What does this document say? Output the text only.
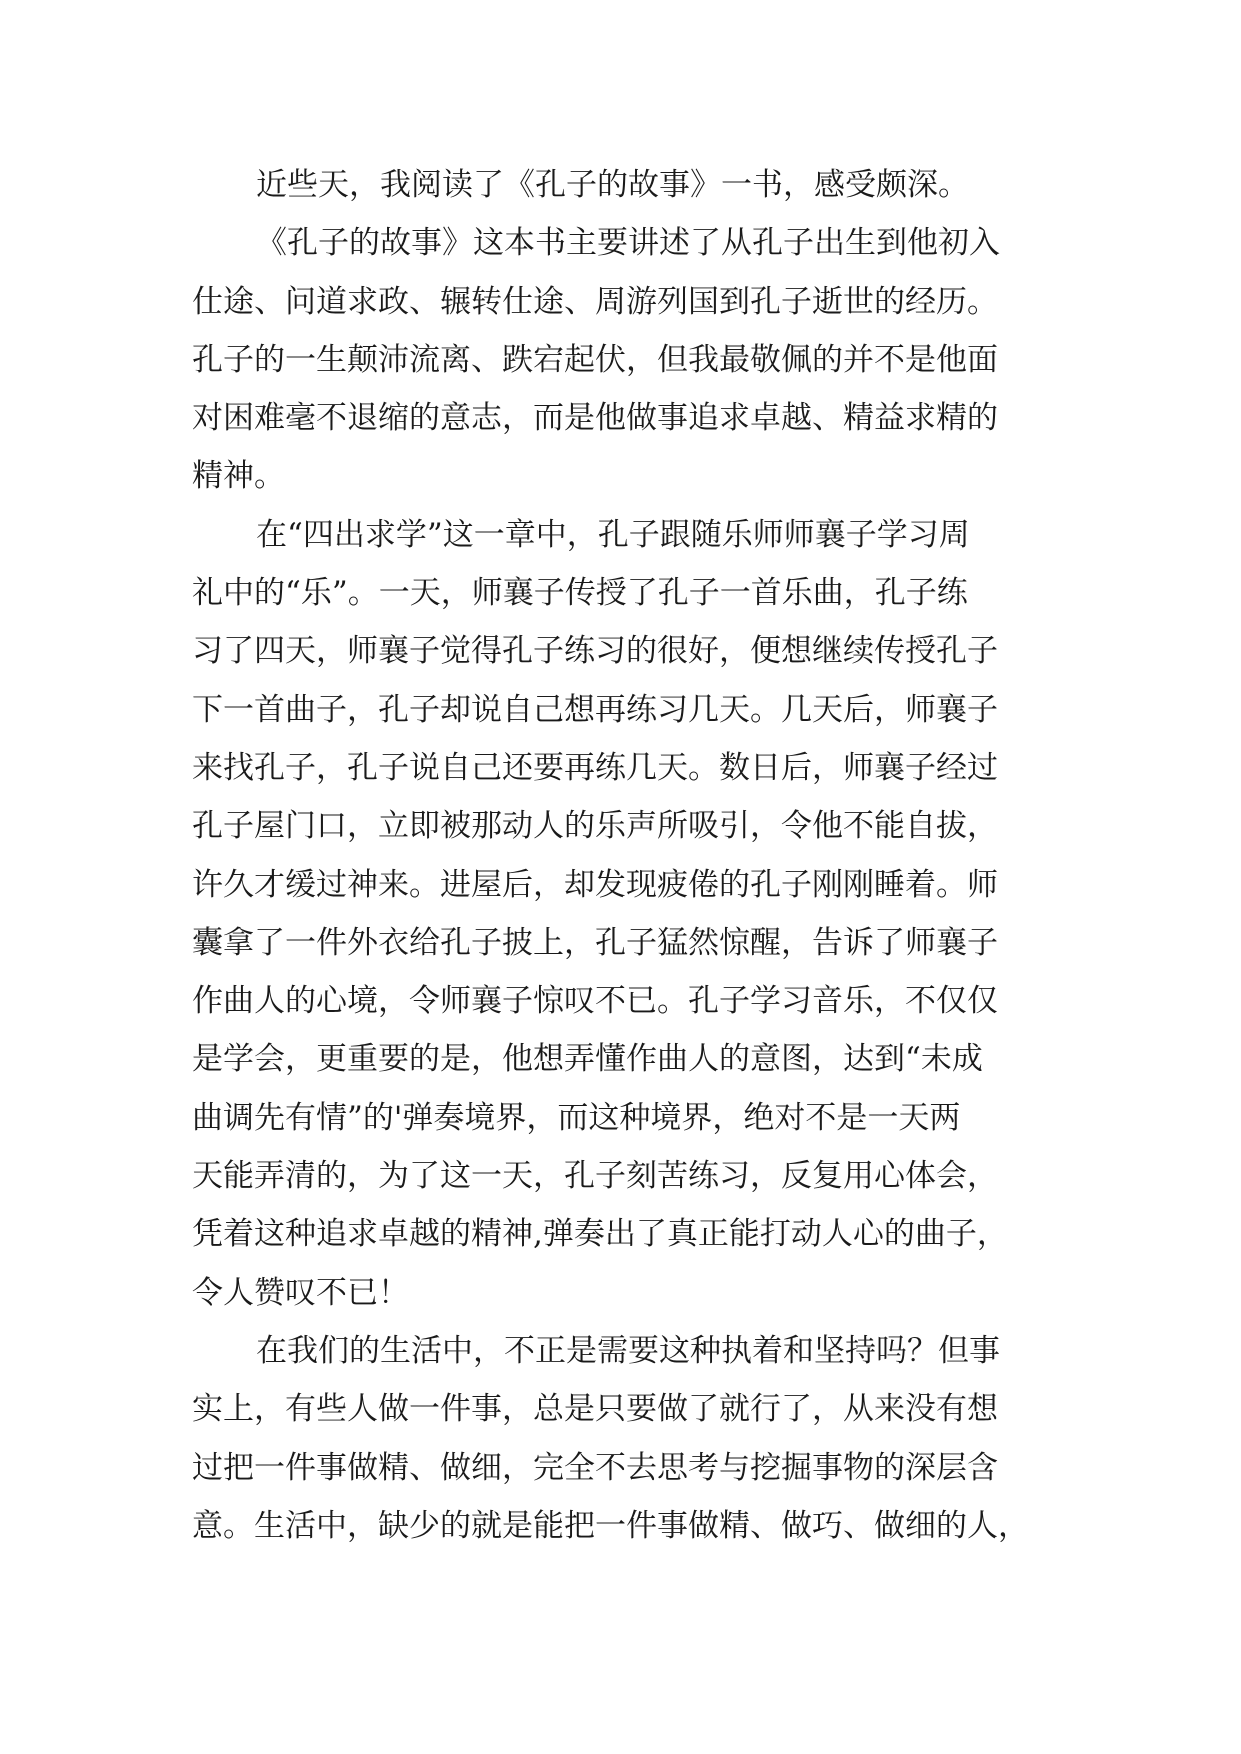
近些天，我阅读了《孔子的故事》一书，感受颇深。
《孔子的故事》这本书主要讲述了从孔子出生到他初入
仕途、问道求政、辗转仕途、周游列国到孔子逝世的经历。
孔子的一生颠沛流离、跌宕起伏，但我最敬佩的并不是他面
对困难毫不退缩的意志，而是他做事追求卓越、精益求精的
精神。
在“四出求学”这一章中，孔子跟随乐师师襄子学习周
礼中的“乐”。一天，师襄子传授了孔子一首乐曲，孔子练
习了四天，师襄子觉得孔子练习的很好，便想继续传授孔子
下一首曲子，孔子却说自己想再练习几天。几天后，师襄子
来找孔子，孔子说自己还要再练几天。数日后，师襄子经过
孔子屋门口，立即被那动人的乐声所吸引，令他不能自拔，
许久才缓过神来。进屋后，却发现疲倦的孔子刚刚睡着。师
囊拿了一件外衣给孔子披上，孔子猛然惊醒，告诉了师襄子
作曲人的心境，令师襄子惊叹不已。孔子学习音乐，不仅仅
是学会，更重要的是，他想弄懂作曲人的意图，达到“未成
曲调先有情”的'弹奏境界，而这种境界，绝对不是一天两
天能弄清的，为了这一天，孔子刻苦练习，反复用心体会，
凭着这种追求卓越的精神,弹奏出了真正能打动人心的曲子，
令人赞叹不已！
在我们的生活中，不正是需要这种执着和坚持吗？但事
实上，有些人做一件事，总是只要做了就行了，从来没有想
过把一件事做精、做细，完全不去思考与挖掘事物的深层含
意。生活中，缺少的就是能把一件事做精、做巧、做细的人，
